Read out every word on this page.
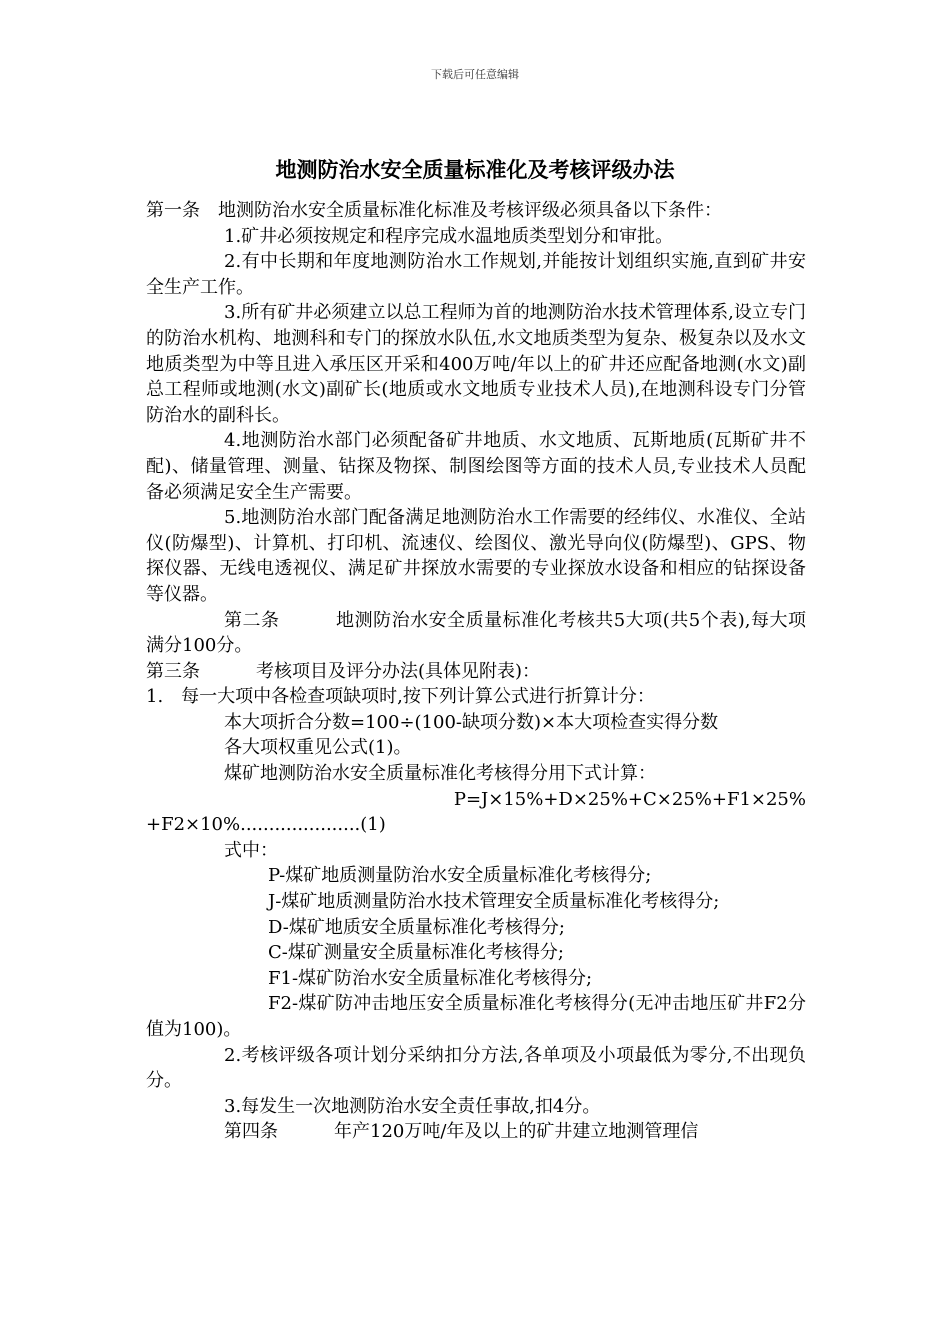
下载后可任意编辑
地测防治水安全质量标准化及考核评级办法

第一条　地测防治水安全质量标准化标准及考核评级必须具备以下条件：

1.矿井必须按规定和程序完成水温地质类型划分和审批。

2.有中长期和年度地测防治水工作规划,并能按计划组织实施,直到矿井安全生产工作。

3.所有矿井必须建立以总工程师为首的地测防治水技术管理体系,设立专门的防治水机构、地测科和专门的探放水队伍,水文地质类型为复杂、极复杂以及水文地质类型为中等且进入承压区开采和400万吨/年以上的矿井还应配备地测(水文)副总工程师或地测(水文)副矿长(地质或水文地质专业技术人员),在地测科设专门分管防治水的副科长。

4.地测防治水部门必须配备矿井地质、水文地质、瓦斯地质(瓦斯矿井不配)、储量管理、测量、钻探及物探、制图绘图等方面的技术人员,专业技术人员配备必须满足安全生产需要。

5.地测防治水部门配备满足地测防治水工作需要的经纬仪、水准仪、全站仪(防爆型)、计算机、打印机、流速仪、绘图仪、激光导向仪(防爆型)、GPS、物探仪器、无线电透视仪、满足矿井探放水需要的专业探放水设备和相应的钻探设备等仪器。

第二条	地测防治水安全质量标准化考核共5大项(共5个表),每大项满分100分。

第三条	考核项目及评分办法(具体见附表)：

1.　每一大项中各检查项缺项时,按下列计算公式进行折算计分：

本大项折合分数=100÷(100-缺项分数)×本大项检查实得分数

各大项权重见公式(1)。

煤矿地测防治水安全质量标准化考核得分用下式计算：

P=J×15%+D×25%+C×25%+F1×25%

+F2×10%.....................(1)

式中：

P-煤矿地质测量防治水安全质量标准化考核得分;

J-煤矿地质测量防治水技术管理安全质量标准化考核得分;

D-煤矿地质安全质量标准化考核得分;

C-煤矿测量安全质量标准化考核得分;

F1-煤矿防治水安全质量标准化考核得分;

F2-煤矿防冲击地压安全质量标准化考核得分(无冲击地压矿井F2分值为100)。

2.考核评级各项计划分采纳扣分方法,各单项及小项最低为零分,不出现负分。

3.每发生一次地测防治水安全责任事故,扣4分。

第四条	年产120万吨/年及以上的矿井建立地测管理信
